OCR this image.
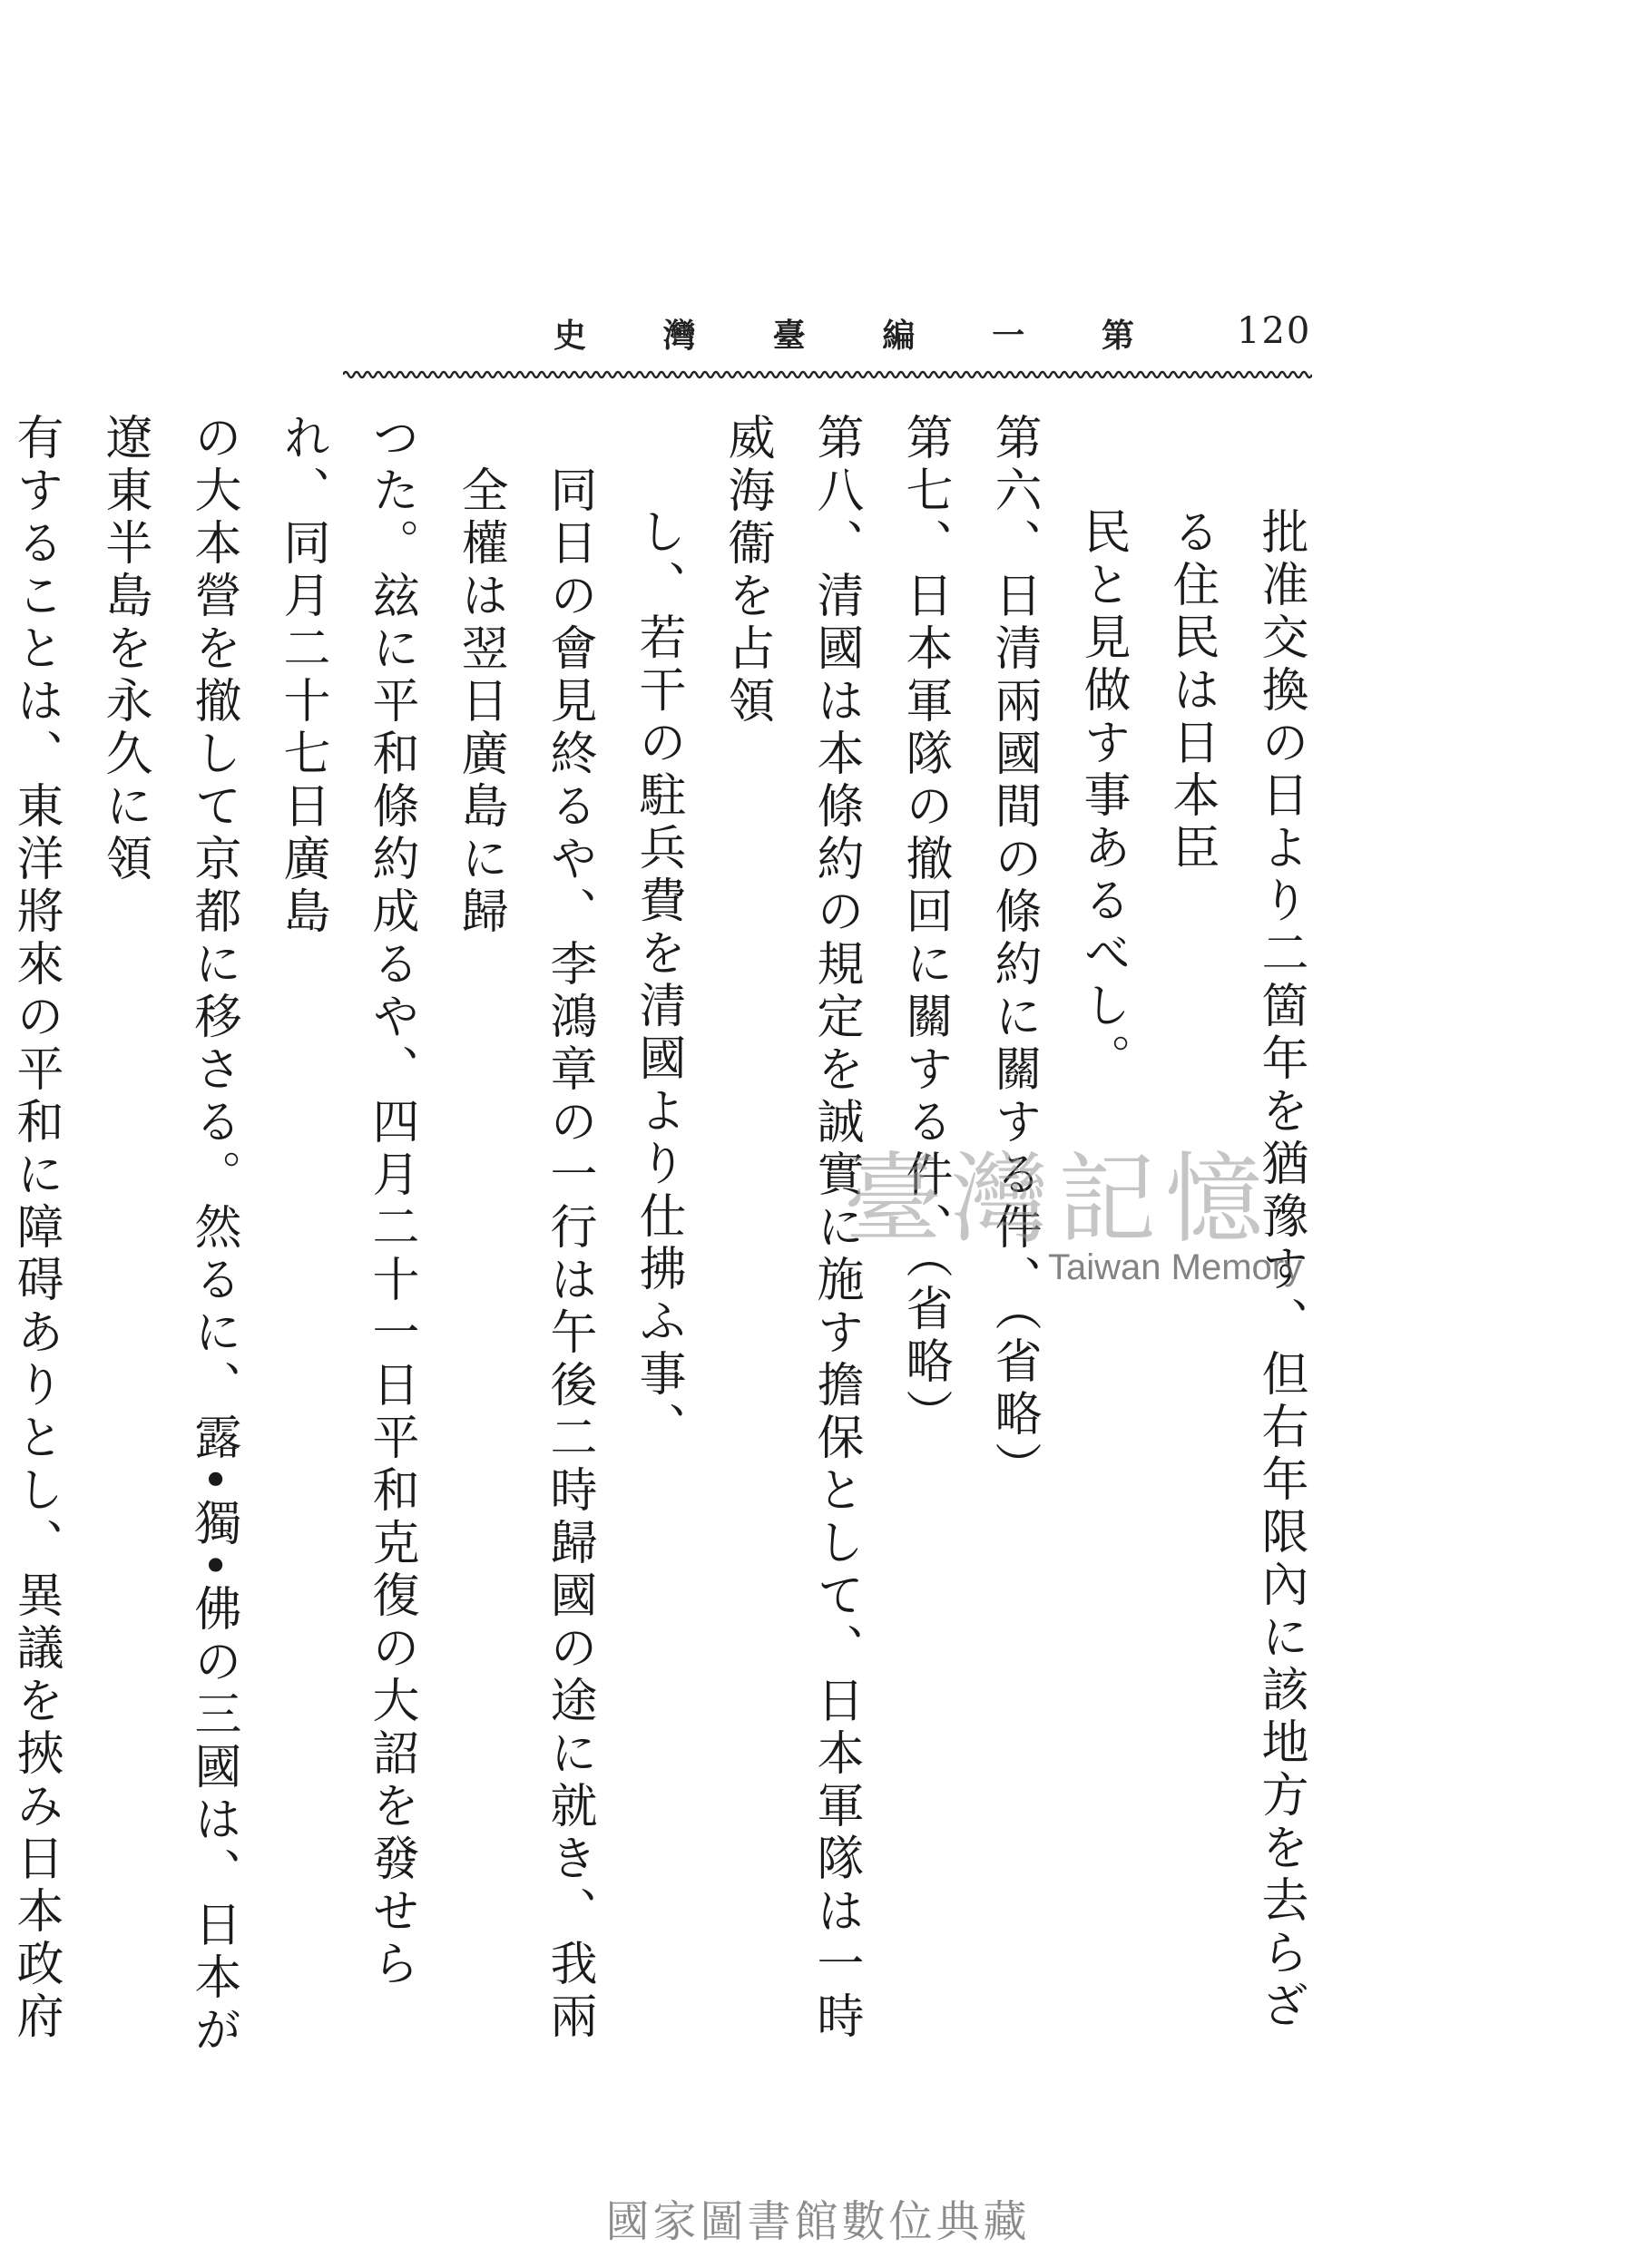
120
第
一
編
臺
灣
史

批准交換の日より二箇年を猶豫す、但右年限內に該地方を去らざる住民は日本臣

民と見做す事あるべし。

第六、日清兩國間の條約に關する件、（省略）

第七、日本軍隊の撤回に關する件、（省略）

第八、清國は本條約の規定を誠實に施す擔保として、日本軍隊は一時威海衞を占領

し、若干の駐兵費を清國より仕拂ふ事、

同日の會見終るや、李鴻章の一行は午後二時歸國の途に就き、我兩全權は翌日廣島に歸

つた。玆に平和條約成るや、四月二十一日平和克復の大詔を發せられ、同月二十七日廣島

の大本營を撤して京都に移さる。然るに、露•獨•佛の三國は、日本が遼東半島を永久に領

有することは、東洋將來の平和に障碍ありとし、異議を挾み日本政府

臺灣記憶
Taiwan Memory
國家圖書館數位典藏
